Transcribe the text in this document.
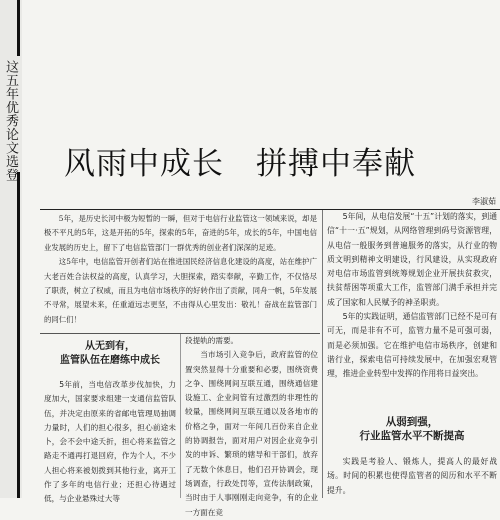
这五年优秀论文选登 风雨中成长　拼搏中奉献
李淑茹

5年，是历史长河中极为短暂的一瞬，但对于电信行业监管这一领域来说，却是极不平凡的5年，这是开拓的5年，探索的5年，奋进的5年，成长的5年，中国电信业发展的历史上，留下了电信监管部门一群优秀的创业者们深深的足迹。

这5年中，电信监管开创者们站在推进国民经济信息化建设的高度，站在维护广大老百姓合法权益的高度，认真学习，大胆探索，踏实奉献，辛勤工作，不仅恪尽了职责，树立了权威，而且为电信市场秩序的好转作出了贡献，同舟一帆，5年发展不寻常，展望未来，任重道远志更坚，不由得从心里发出：敬礼！奋战在监管部门的同仁们！

从无到有，
监管队伍在磨练中成长

5年前，当电信改革步伐加快，力度加大，国家要求组建一支通信监管队伍，并决定由原来的省邮电管理局抽调力量时，人们的担心很多，担心前途未卜，会不会中途夭折，担心将来监管之路走不通再打退回府，作为个人，不少人担心将来被划拨到其他行业，离开工作了多年的电信行业；还担心待遇过低，与企业悬殊过大等

段提轨的需要。

当市场引入竞争后，政府监管的位置突然显得十分重要和必要，围绕资费之争、围绕网间互联互通，围绕通信建设施工、企业间管有过激烈的非理性的较量，围绕网间互联互通以及各地市的价格之争，面对一年间几百份来自企业的协调报告，面对用户对因企业竞争引发的申诉、繁琐的辖导和干部们，放弃了无数个休息日，他们召开协调会，现场调查，行政处罚等，宣传法制政策，当时由于人事刚刚走向竞争，有的企业一方面在竞

5年间，从电信发展“十五”计划的落实，到通信“十一·五”规划，从网络管理到码号资源管理，从电信一般服务到普遍服务的落实，从行业的物质文明到精神文明建设，行风建设，从实现政府对电信市场监管到统筹规划企业开展扶贫救灾，扶贫帮困等项重大工作，监管部门满手承担并完成了国家和人民赋予的神圣职责。

5年的实践证明，通信监管部门已经不是可有可无，而是非有不可，监管力量不是可强可弱，而是必须加强。它在维护电信市场秩序，创建和谐行业，探索电信可持续发展中，在加强宏观管理，推进企业转型中发挥的作用将日益突出。

从弱到强，
行业监管水平不断提高

实践是考验人、锻炼人，提高人的最好战场。时间的积累也使得监管者的阅历和水平不断提升。
